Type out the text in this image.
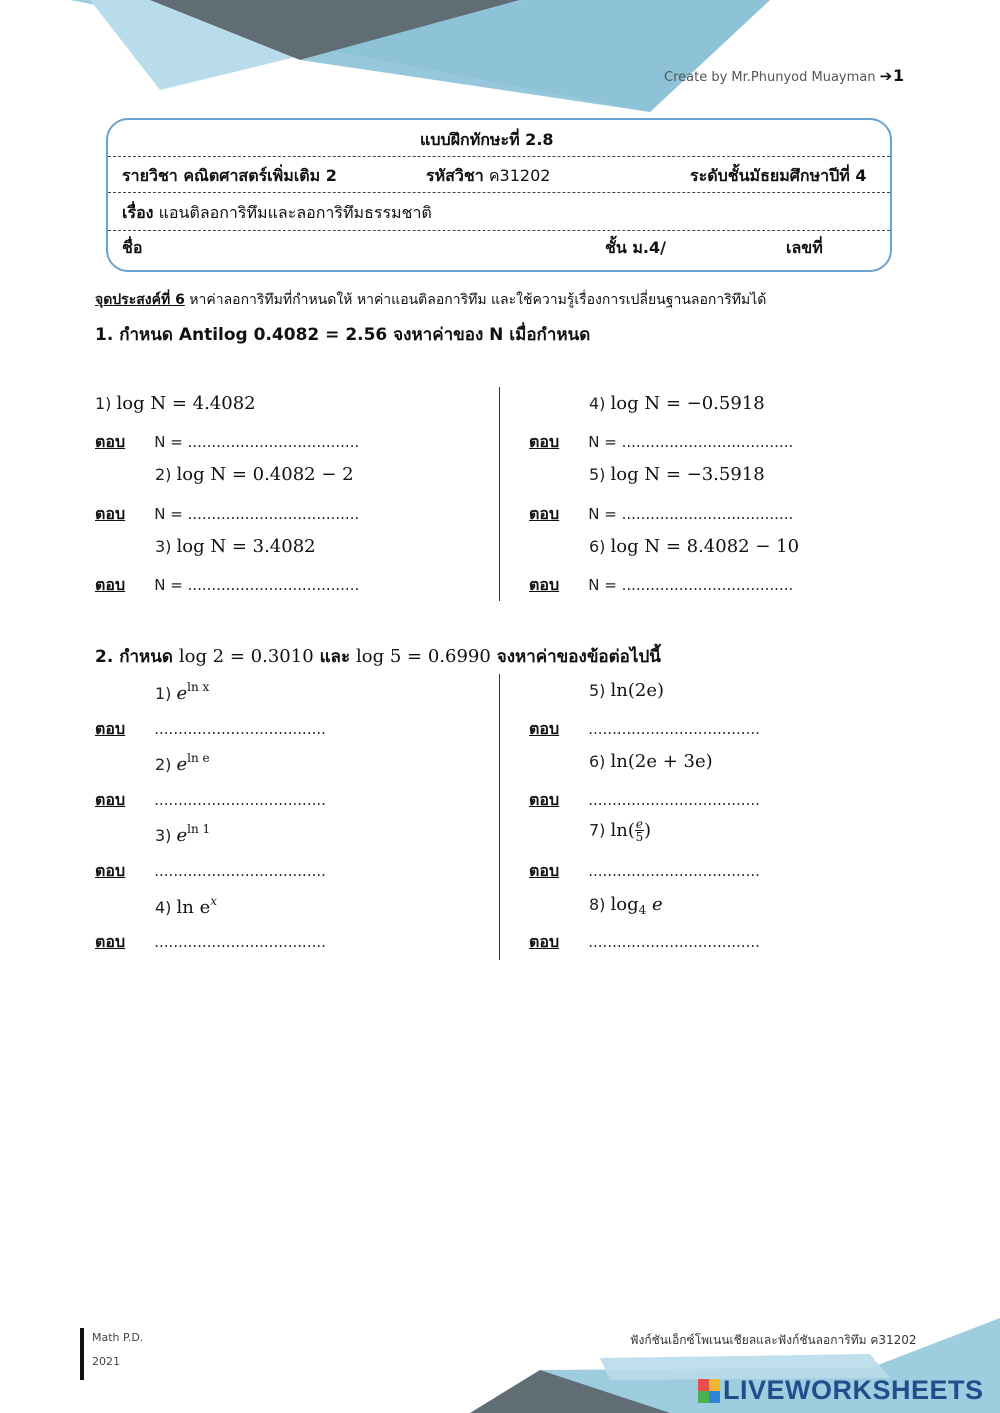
Create by Mr.Phunyod Muayman ➔ 1
แบบฝึกทักษะที่ 2.8
รายวิชา คณิตศาสตร์เพิ่มเติม 2	รหัสวิชา ค31202	ระดับชั้นมัธยมศึกษาปีที่ 4
เรื่อง แอนติลอการิทึมและลอการิทึมธรรมชาติ
ชื่อ	ชั้น ม.4/	เลขที่
จุดประสงค์ที่ 6 หาค่าลอการิทึมที่กำหนดให้ หาค่าแอนติลอการิทึม และใช้ความรู้เรื่องการเปลี่ยนฐานลอการิทึมได้
1. กำหนด Antilog 0.4082 = 2.56 จงหาค่าของ N เมื่อกำหนด
1) log N = 4.4082
ตอบ N = ....................................
2) log N = 0.4082 − 2
ตอบ N = ....................................
3) log N = 3.4082
ตอบ N = ....................................
4) log N = −0.5918
ตอบ N = ....................................
5) log N = −3.5918
ตอบ N = ....................................
6) log N = 8.4082 − 10
ตอบ N = ....................................
2. กำหนด log 2 = 0.3010 และ log 5 = 0.6990 จงหาค่าของข้อต่อไปนี้
1) $e^{ln x}$
ตอบ ....................................
2) $e^{ln e}$
ตอบ ....................................
3) $e^{ln 1}$
ตอบ ....................................
4) $\ln e^x$
ตอบ ....................................
5) ln(2e)
ตอบ ....................................
6) ln(2e + 3e)
ตอบ ....................................
7) $\ln( \frac{e}{5}$ )
ตอบ ....................................
8) $\log_4 e$
ตอบ ....................................
Math P.D.
2021
ฟังก์ชันเอ็กซ์โพเนนเชียลและฟังก์ชันลอการิทึม ค31202
LIVEWORKSHEETS
